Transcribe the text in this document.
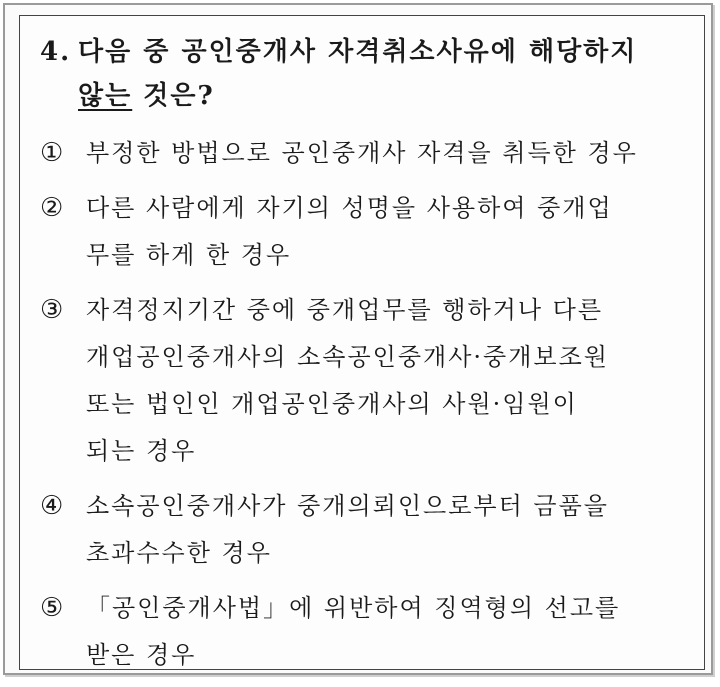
4. 다음 중 공인중개사 자격취소사유에 해당하지
않는 것은?
① 부정한 방법으로 공인중개사 자격을 취득한 경우
② 다른 사람에게 자기의 성명을 사용하여 중개업
무를 하게 한 경우
③ 자격정지기간 중에 중개업무를 행하거나 다른
개업공인중개사의 소속공인중개사·중개보조원
또는 법인인 개업공인중개사의 사원·임원이
되는 경우
④ 소속공인중개사가 중개의뢰인으로부터 금품을
초과수수한 경우
⑤ 「공인중개사법」에 위반하여 징역형의 선고를
받은 경우
